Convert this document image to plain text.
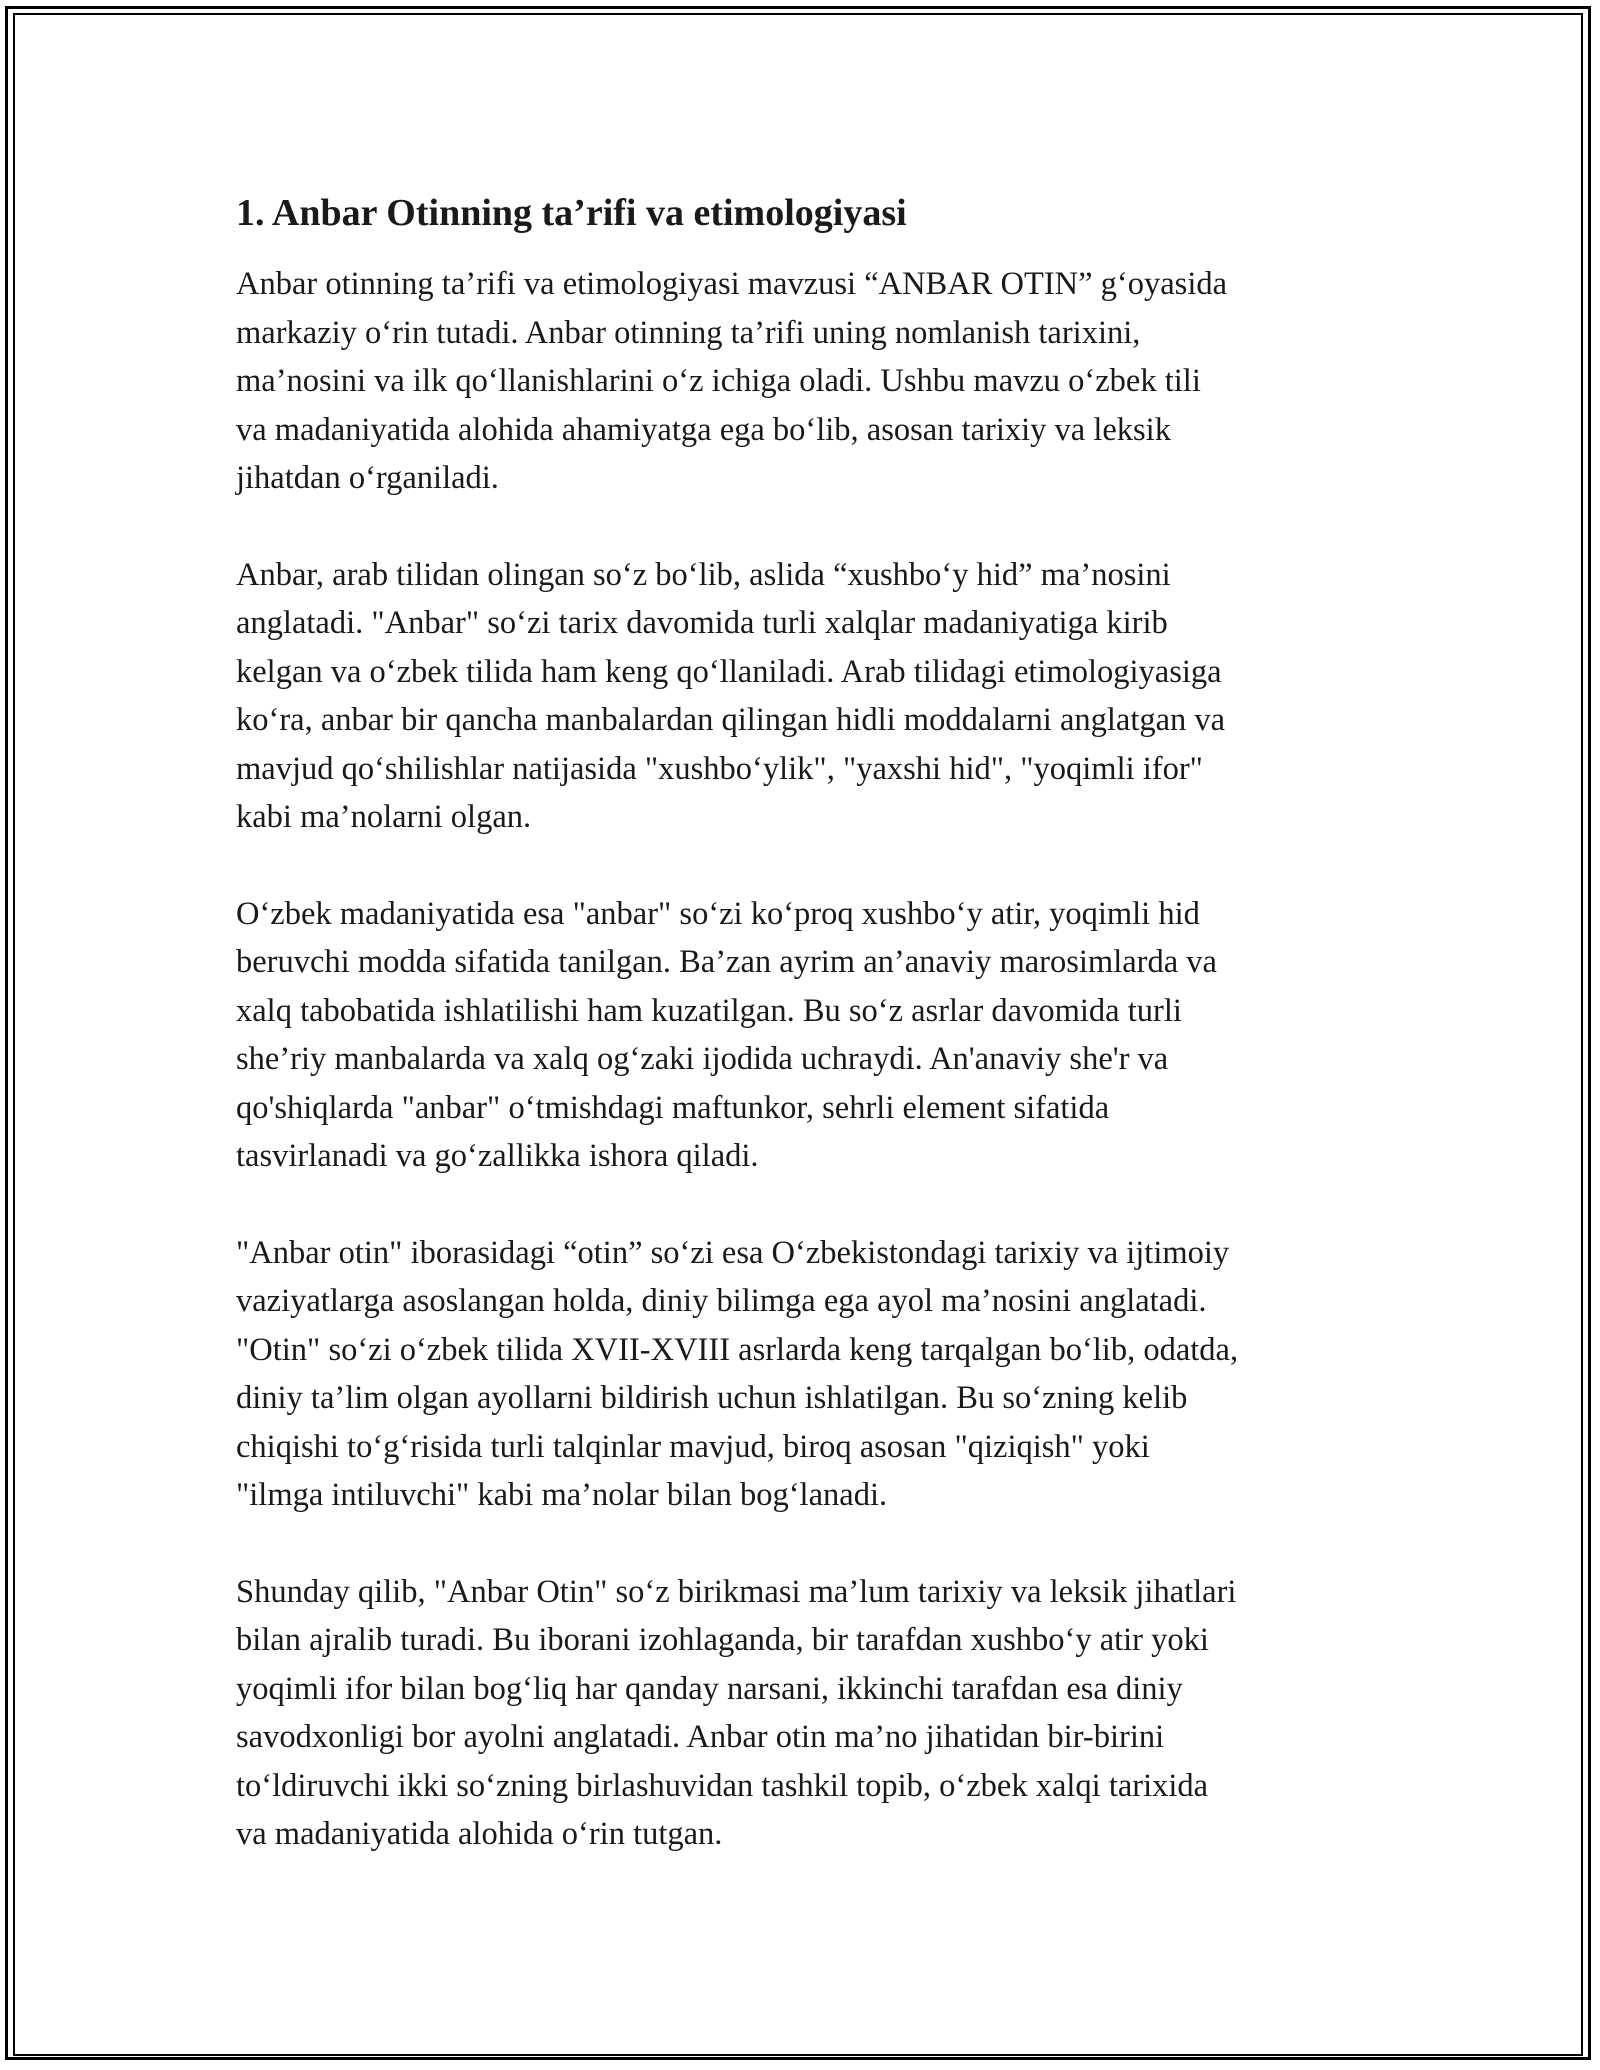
1. Anbar Otinning ta’rifi va etimologiyasi

Anbar otinning ta’rifi va etimologiyasi mavzusi “ANBAR OTIN” g‘oyasida
markaziy o‘rin tutadi. Anbar otinning ta’rifi uning nomlanish tarixini,
ma’nosini va ilk qo‘llanishlarini o‘z ichiga oladi. Ushbu mavzu o‘zbek tili
va madaniyatida alohida ahamiyatga ega bo‘lib, asosan tarixiy va leksik
jihatdan o‘rganiladi.

Anbar, arab tilidan olingan so‘z bo‘lib, aslida “xushbo‘y hid” ma’nosini
anglatadi. "Anbar" so‘zi tarix davomida turli xalqlar madaniyatiga kirib
kelgan va o‘zbek tilida ham keng qo‘llaniladi. Arab tilidagi etimologiyasiga
ko‘ra, anbar bir qancha manbalardan qilingan hidli moddalarni anglatgan va
mavjud qo‘shilishlar natijasida "xushbo‘ylik", "yaxshi hid", "yoqimli ifor"
kabi ma’nolarni olgan.

O‘zbek madaniyatida esa "anbar" so‘zi ko‘proq xushbo‘y atir, yoqimli hid
beruvchi modda sifatida tanilgan. Ba’zan ayrim an’anaviy marosimlarda va
xalq tabobatida ishlatilishi ham kuzatilgan. Bu so‘z asrlar davomida turli
she’riy manbalarda va xalq og‘zaki ijodida uchraydi. An'anaviy she'r va
qo'shiqlarda "anbar" o‘tmishdagi maftunkor, sehrli element sifatida
tasvirlanadi va go‘zallikka ishora qiladi.

"Anbar otin" iborasidagi “otin” so‘zi esa O‘zbekistondagi tarixiy va ijtimoiy
vaziyatlarga asoslangan holda, diniy bilimga ega ayol ma’nosini anglatadi.
"Otin" so‘zi o‘zbek tilida XVII-XVIII asrlarda keng tarqalgan bo‘lib, odatda,
diniy ta’lim olgan ayollarni bildirish uchun ishlatilgan. Bu so‘zning kelib
chiqishi to‘g‘risida turli talqinlar mavjud, biroq asosan "qiziqish" yoki
"ilmga intiluvchi" kabi ma’nolar bilan bog‘lanadi.

Shunday qilib, "Anbar Otin" so‘z birikmasi ma’lum tarixiy va leksik jihatlari
bilan ajralib turadi. Bu iborani izohlaganda, bir tarafdan xushbo‘y atir yoki
yoqimli ifor bilan bog‘liq har qanday narsani, ikkinchi tarafdan esa diniy
savodxonligi bor ayolni anglatadi. Anbar otin ma’no jihatidan bir-birini
to‘ldiruvchi ikki so‘zning birlashuvidan tashkil topib, o‘zbek xalqi tarixida
va madaniyatida alohida o‘rin tutgan.
